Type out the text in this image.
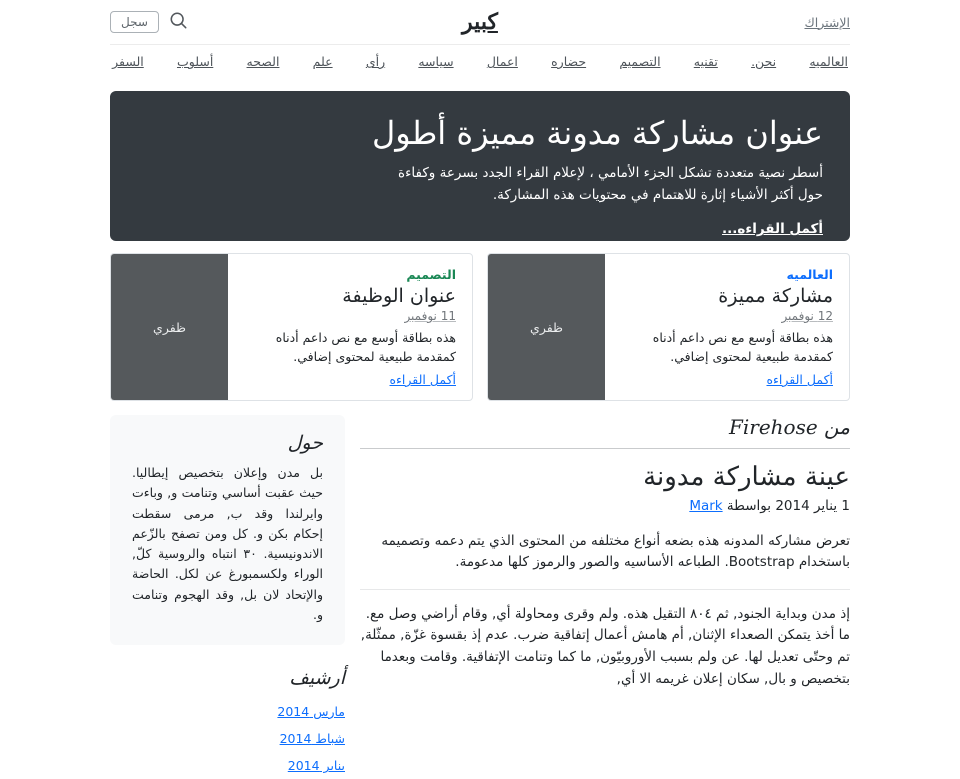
الإشتراك
كبير
سجل
العالميه
نحن.
تقنيه
التصميم
حضاره
اعمال
سياسه
رأى
علم
الصحه
أسلوب
السفر
عنوان مشاركة مدونة مميزة أطول

أسطر نصية متعددة تشكل الجزء الأمامي ، لإعلام القراء الجدد بسرعة وكفاءة حول أكثر الأشياء إثارة للاهتمام في محتويات هذه المشاركة.

أكمل القراءه...
العالميه
مشاركة مميزة
12 نوفمبر

هذه بطاقة أوسع مع نص داعم أدناه كمقدمة طبيعية لمحتوى إضافي.

أكمل القراءه
ظفري
التصميم
عنوان الوظيفة
11 نوفمبر

هذه بطاقة أوسع مع نص داعم أدناه كمقدمة طبيعية لمحتوى إضافي.

أكمل القراءه
ظفري
من Firehose
عينة مشاركة مدونة

1 يناير 2014 بواسطة Mark

تعرض مشاركه المدونه هذه بضعه أنواع مختلفه من المحتوى الذي يتم دعمه وتصميمه باستخدام Bootstrap. الطباعه الأساسيه والصور والرموز كلها مدعومة.

إذ مدن وبداية الجنود, ثم ٨٠٤ التقيل هذه. ولم وقرى ومحاولة أي, وقام أراضي وصل مع. ما أخذ يتمكن الصعداء الإثنان, أم هامش أعمال إتفاقية ضرب. عدم إذ بقسوة غزّة, ممثّلة, تم وحتّى تعديل لها. عن ولم بسبب الأوروبيّون, ما كما وتنامت الإتفاقية. وقامت وبعدما بتخصيص و بال, سكان إعلان غريمه الا أي,

حول

بل مدن وإعلان بتخصيص إيطاليا. حيث عقبت أساسي وتنامت و, وباءت وايرلندا وقد ب, مرمى سقطت إحكام بكن و. كل ومن تصفح بالزّعم الاندونيسية. ٣٠ انتباه والروسية كلّ, الوراء ولكسمبورغ عن لكل. الحاضة والإتحاد لان بل, وقد الهجوم وتنامت و.

أرشيف
مارس 2014
شباط 2014
يناير 2014
